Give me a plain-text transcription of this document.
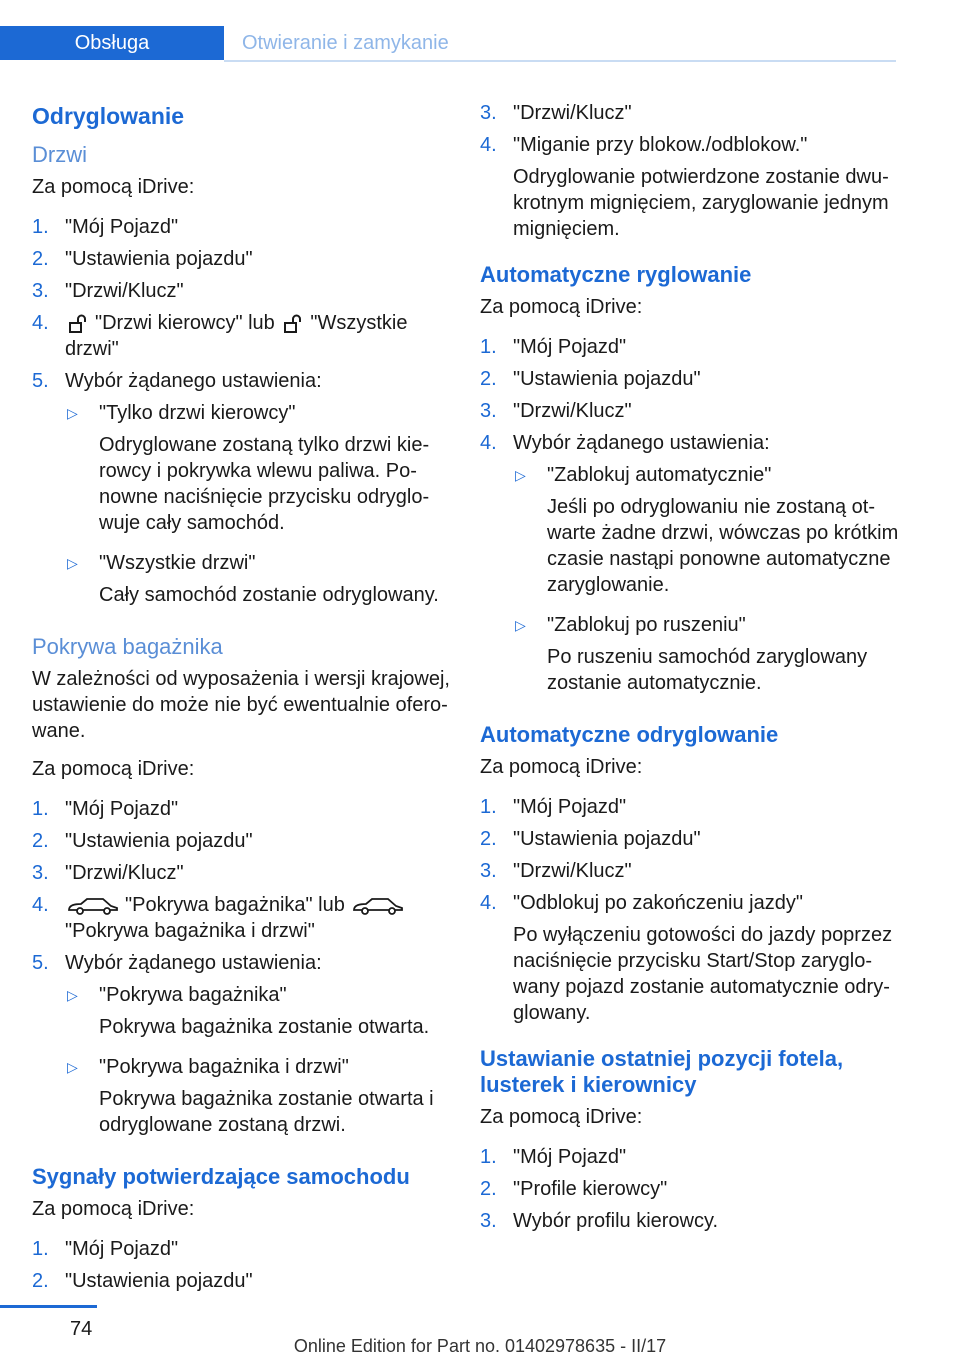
Obsługa	Otwieranie i zamykanie
Odryglowanie
Drzwi

Za pomocą iDrive:

1. "Mój Pojazd"
2. "Ustawienia pojazdu"
3. "Drzwi/Klucz"
4. "Drzwi kierowcy" lub "Wszystkie drzwi"
5. Wybór żądanego ustawienia:
▷ "Tylko drzwi kierowcy"
Odryglowane zostaną tylko drzwi kierowcy i pokrywka wlewu paliwa. Ponowne naciśnięcie przycisku odryglowuje cały samochód.
▷ "Wszystkie drzwi"
Cały samochód zostanie odryglowany.
Pokrywa bagażnika

W zależności od wyposażenia i wersji krajowej, ustawienie do może nie być ewentualnie oferowane.

Za pomocą iDrive:

1. "Mój Pojazd"
2. "Ustawienia pojazdu"
3. "Drzwi/Klucz"
4.	"Pokrywa bagażnika" lub
"Pokrywa bagażnika i drzwi"
5. Wybór żądanego ustawienia:
▷ "Pokrywa bagażnika"
Pokrywa bagażnika zostanie otwarta.
▷ "Pokrywa bagażnika i drzwi"
Pokrywa bagażnika zostanie otwarta i odryglowane zostaną drzwi.
Sygnały potwierdzające samochodu

Za pomocą iDrive:

1. "Mój Pojazd"
2. "Ustawienia pojazdu"
3. "Drzwi/Klucz"
4. "Miganie przy blokow./odblokow."
Odryglowanie potwierdzone zostanie dwukrotnym mignięciem, zaryglowanie jednym mignięciem.
Automatyczne ryglowanie

Za pomocą iDrive:

1. "Mój Pojazd"
2. "Ustawienia pojazdu"
3. "Drzwi/Klucz"
4. Wybór żądanego ustawienia:
▷ "Zablokuj automatycznie"
Jeśli po odryglowaniu nie zostaną otwarte żadne drzwi, wówczas po krótkim czasie nastąpi ponowne automatyczne zaryglowanie.
▷ "Zablokuj po ruszeniu"
Po ruszeniu samochód zaryglowany zostanie automatycznie.
Automatyczne odryglowanie

Za pomocą iDrive:

1. "Mój Pojazd"
2. "Ustawienia pojazdu"
3. "Drzwi/Klucz"
4. "Odblokuj po zakończeniu jazdy"
Po wyłączeniu gotowości do jazdy poprzez naciśnięcie przycisku Start/Stop zaryglowany pojazd zostanie automatycznie odryglowany.
Ustawianie ostatniej pozycji fotela, lusterek i kierownicy

Za pomocą iDrive:

1. "Mój Pojazd"
2. "Profile kierowcy"
3. Wybór profilu kierowcy.
74
Online Edition for Part no. 01402978635 - II/17
